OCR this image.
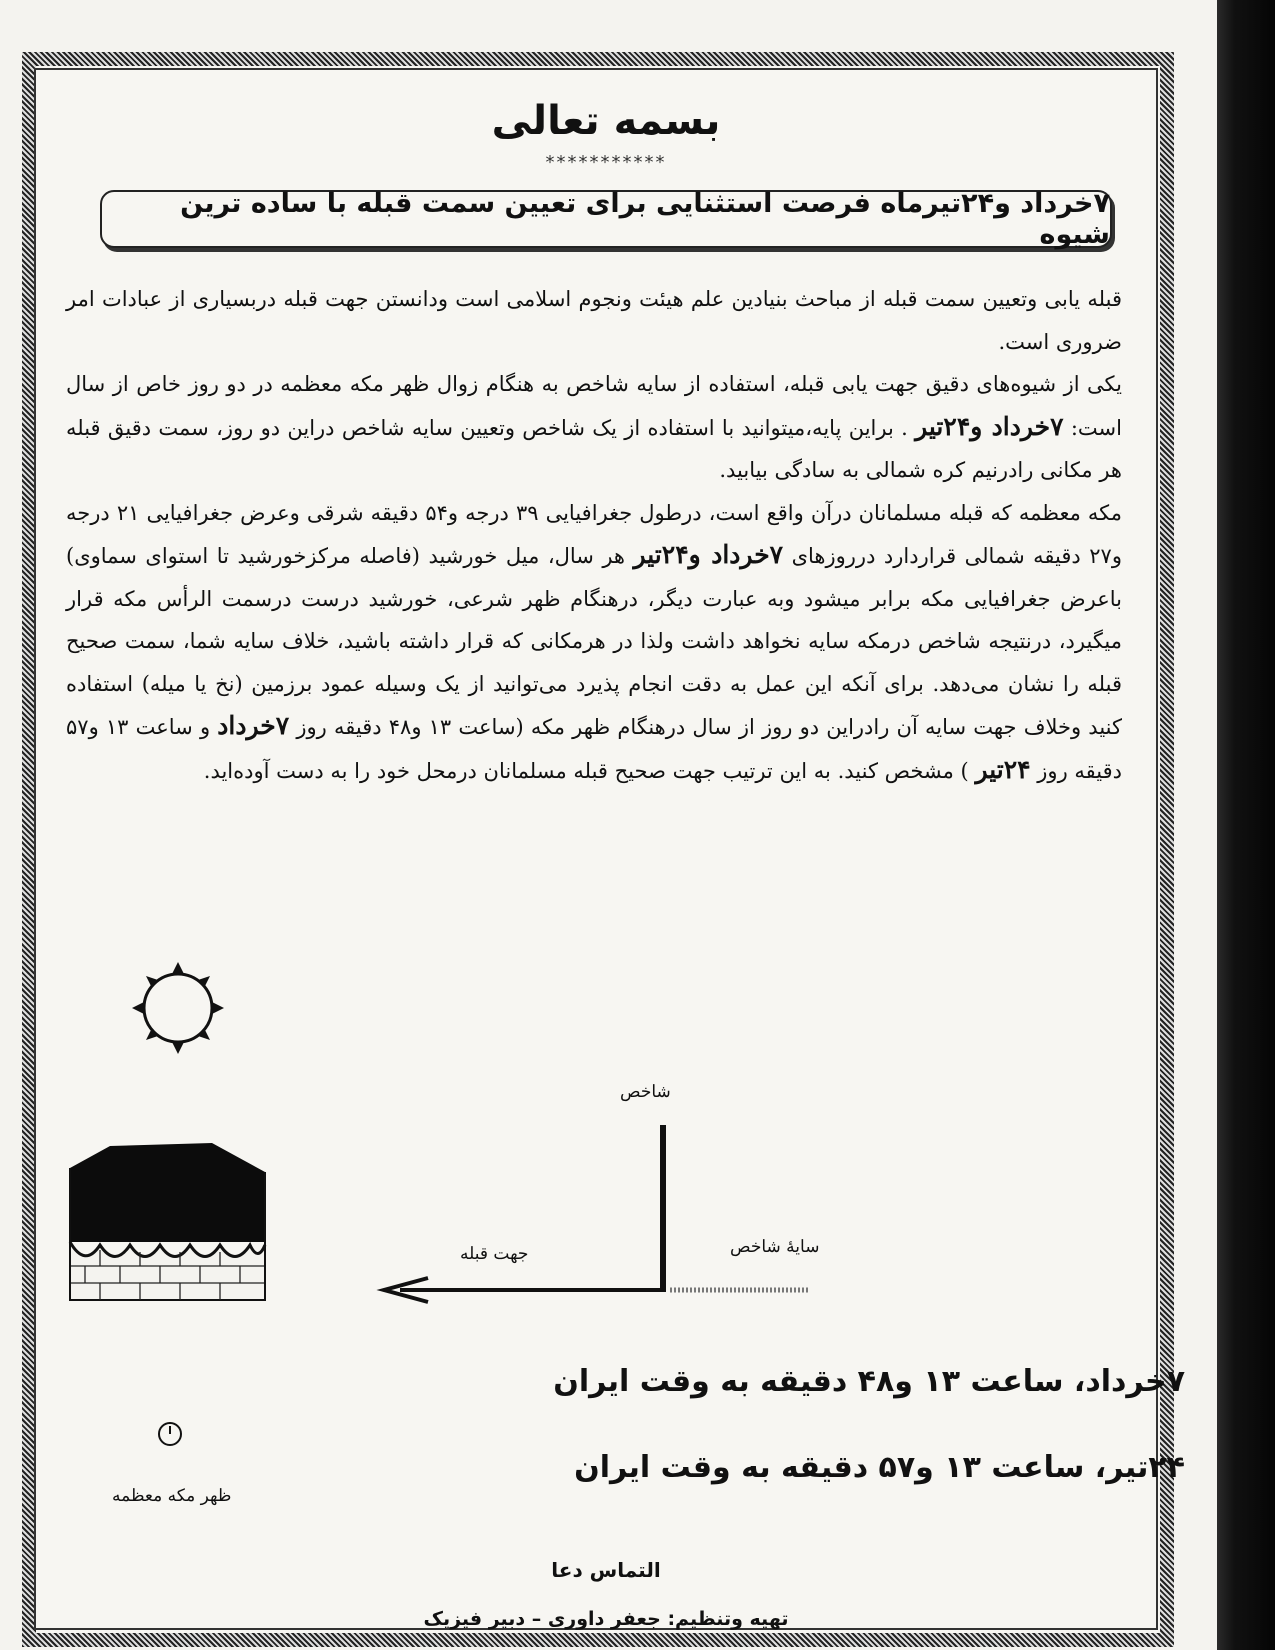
بسمه تعالی
***********
۷خرداد و۲۴تیرماه فرصت استثنایی برای تعیین سمت قبله با ساده ترین شیوه

قبله یابی وتعیین سمت قبله از مباحث بنیادین علم هیئت ونجوم اسلامی است ودانستن جهت قبله دربسیاری از عبادات امر ضروری است.

یکی از شیوه‌های دقیق جهت یابی قبله، استفاده از سایه شاخص به هنگام زوال ظهر مکه معظمه در دو روز خاص از سال است: ۷خرداد و۲۴تیر . براین پایه،میتوانید با استفاده از یک شاخص وتعیین سایه شاخص دراین دو روز، سمت دقیق قبله هر مکانی رادرنیم کره شمالی به سادگی بیابید.

مکه معظمه که قبله مسلمانان درآن واقع است، درطول جغرافیایی ۳۹ درجه و۵۴ دقیقه شرقی وعرض جغرافیایی ۲۱ درجه و۲۷ دقیقه شمالی قراردارد درروزهای ۷خرداد و۲۴تیر هر سال، میل خورشید (فاصله مرکزخورشید تا استوای سماوی) باعرض جغرافیایی مکه برابر میشود وبه عبارت دیگر، درهنگام ظهر شرعی، خورشید درست درسمت الرأس مکه قرار میگیرد، درنتیجه شاخص درمکه سایه نخواهد داشت ولذا در هرمکانی که قرار داشته باشید، خلاف سایه شما، سمت صحیح قبله را نشان می‌دهد. برای آنکه این عمل به دقت انجام پذیرد می‌توانید از یک وسیله عمود برزمین (نخ یا میله) استفاده کنید وخلاف جهت سایه آن رادراین دو روز از سال درهنگام ظهر مکه (ساعت ۱۳ و۴۸ دقیقه روز ۷خرداد و ساعت ۱۳ و۵۷ دقیقه روز ۲۴تیر ) مشخص کنید. به این ترتیب جهت صحیح قبله مسلمانان درمحل خود را به دست آوده‌اید.

شاخص
جهت قبله	سایهٔ شاخص
ظهر مکه معظمه
۷خرداد، ساعت ۱۳ و۴۸ دقیقه به وقت ایران
۲۴تیر، ساعت ۱۳ و۵۷ دقیقه به وقت ایران
التماس دعا
تهیه وتنظیم: جعفر داوری – دبیر فیزیک
